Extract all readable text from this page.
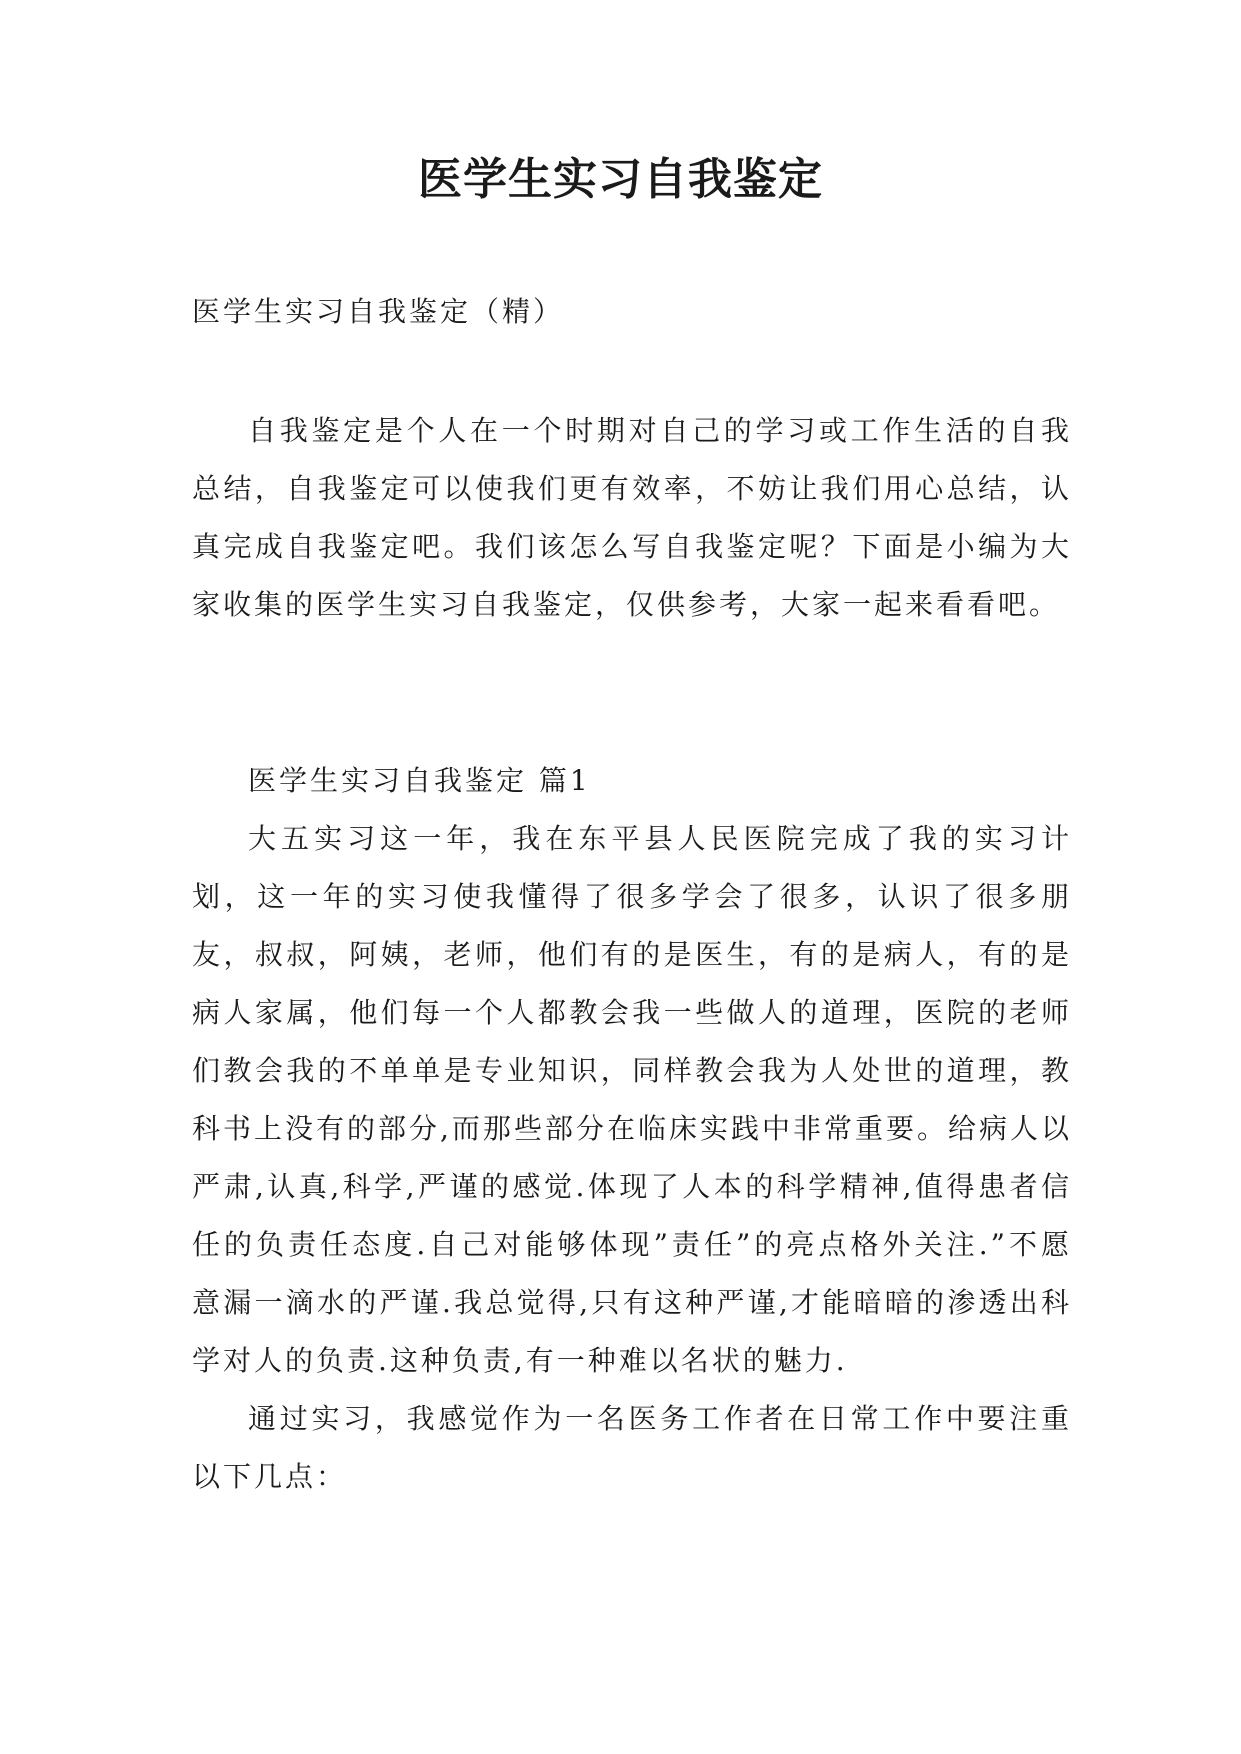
医学生实习自我鉴定

医学生实习自我鉴定（精）

自我鉴定是个人在一个时期对自己的学习或工作生活的自我总结，自我鉴定可以使我们更有效率，不妨让我们用心总结，认真完成自我鉴定吧。我们该怎么写自我鉴定呢？下面是小编为大家收集的医学生实习自我鉴定，仅供参考，大家一起来看看吧。

医学生实习自我鉴定 篇1

大五实习这一年，我在东平县人民医院完成了我的实习计划，这一年的实习使我懂得了很多学会了很多，认识了很多朋友，叔叔，阿姨，老师，他们有的是医生，有的是病人，有的是病人家属，他们每一个人都教会我一些做人的道理，医院的老师们教会我的不单单是专业知识，同样教会我为人处世的道理，教科书上没有的部分,而那些部分在临床实践中非常重要。给病人以严肃,认真,科学,严谨的感觉.体现了人本的科学精神,值得患者信任的负责任态度.自己对能够体现”责任”的亮点格外关注.”不愿意漏一滴水的严谨.我总觉得,只有这种严谨,才能暗暗的渗透出科学对人的负责.这种负责,有一种难以名状的魅力.

通过实习，我感觉作为一名医务工作者在日常工作中要注重以下几点：
